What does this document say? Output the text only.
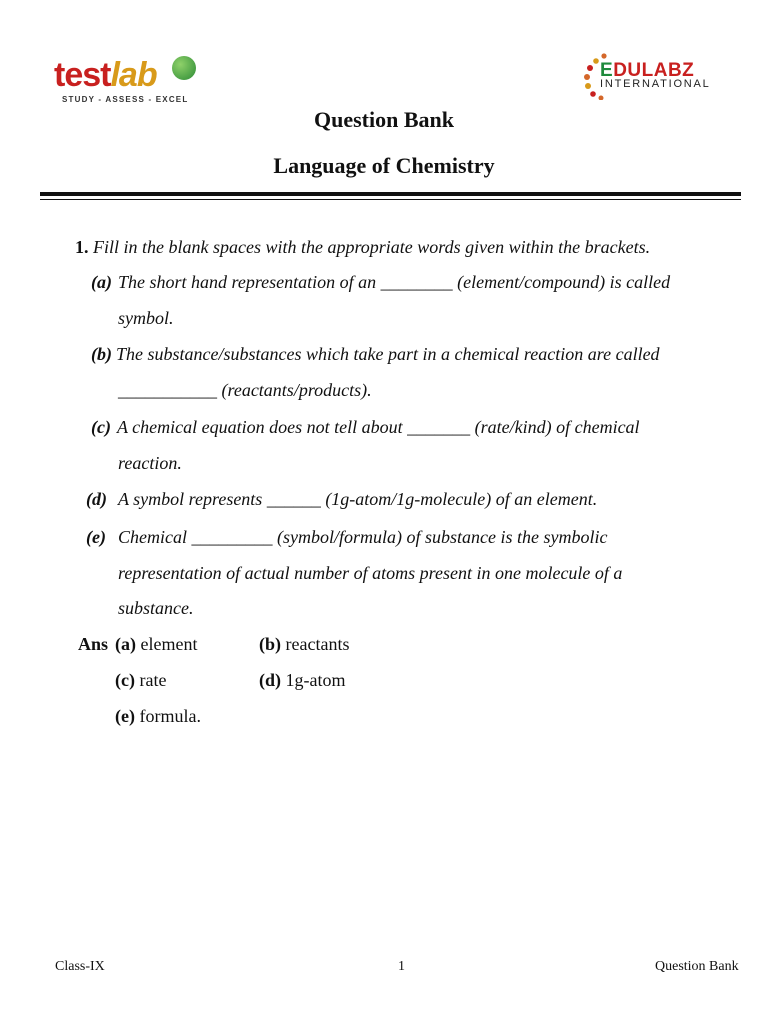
testlab
STUDY - ASSESS - EXCEL
EDULABZ
INTERNATIONAL
Question Bank
Language of Chemistry
1. Fill in the blank spaces with the appropriate words given within the brackets.
(a) The short hand representation of an ________ (element/compound) is called
symbol.
(b) The substance/substances which take part in a chemical reaction are called
___________ (reactants/products).
(c) A chemical equation does not tell about _______ (rate/kind) of chemical
reaction.
(d) A symbol represents ______ (1g-atom/1g-molecule) of an element.
(e) Chemical _________ (symbol/formula) of substance is the symbolic
representation of actual number of atoms present in one molecule of a
substance.
Ans (a) element	(b) reactants
(c) rate	(d) 1g-atom
(e) formula.
Class-IX	1	Question Bank
